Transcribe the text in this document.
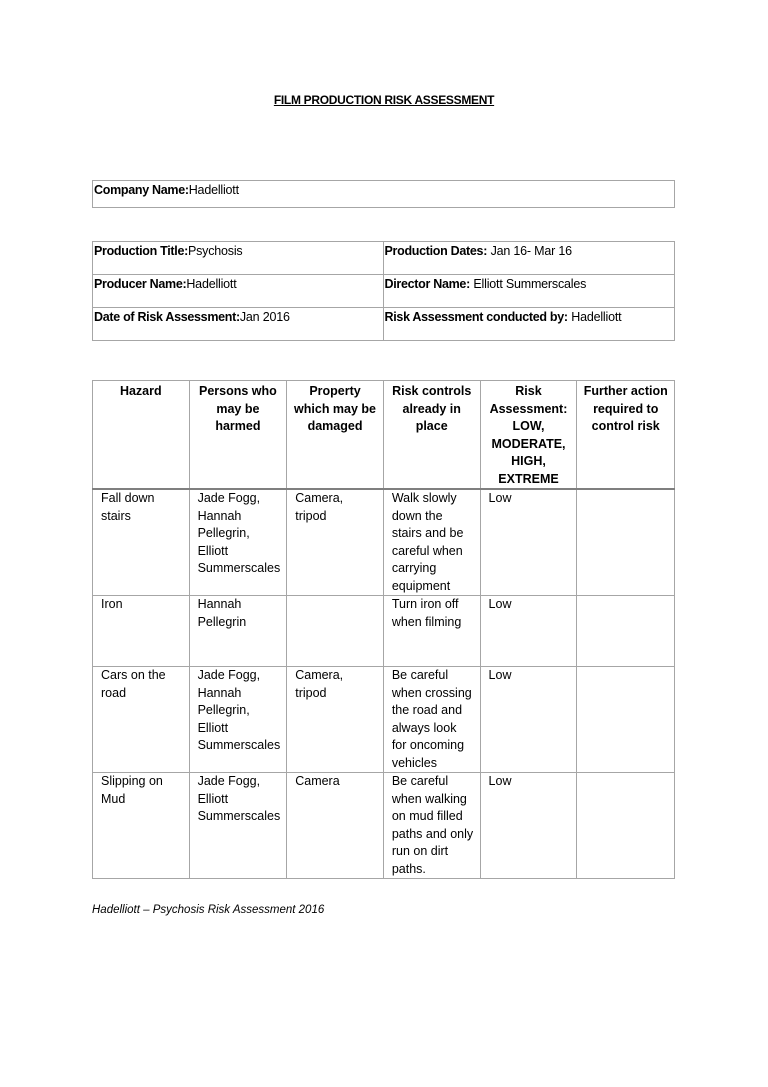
FILM PRODUCTION RISK ASSESSMENT
Company Name:Hadelliott
Production Title:Psychosis	Production Dates: Jan 16- Mar 16
Producer Name:Hadelliott	Director Name: Elliott Summerscales
Date of Risk Assessment:Jan 2016	Risk Assessment conducted by: Hadelliott
Hazard	Persons who may be harmed	Property which may be damaged	Risk controls already in place	Risk Assessment: LOW, MODERATE, HIGH, EXTREME	Further action required to control risk
Fall down stairs	Jade Fogg, Hannah Pellegrin, Elliott Summerscales	Camera, tripod	Walk slowly down the stairs and be careful when carrying equipment	Low	
Iron	Hannah Pellegrin		Turn iron off when filming	Low	
Cars on the road	Jade Fogg, Hannah Pellegrin, Elliott Summerscales	Camera, tripod	Be careful when crossing the road and always look for oncoming vehicles	Low	
Slipping on Mud	Jade Fogg, Elliott Summerscales	Camera	Be careful when walking on mud filled paths and only run on dirt paths.	Low	
Hadelliott – Psychosis Risk Assessment 2016
